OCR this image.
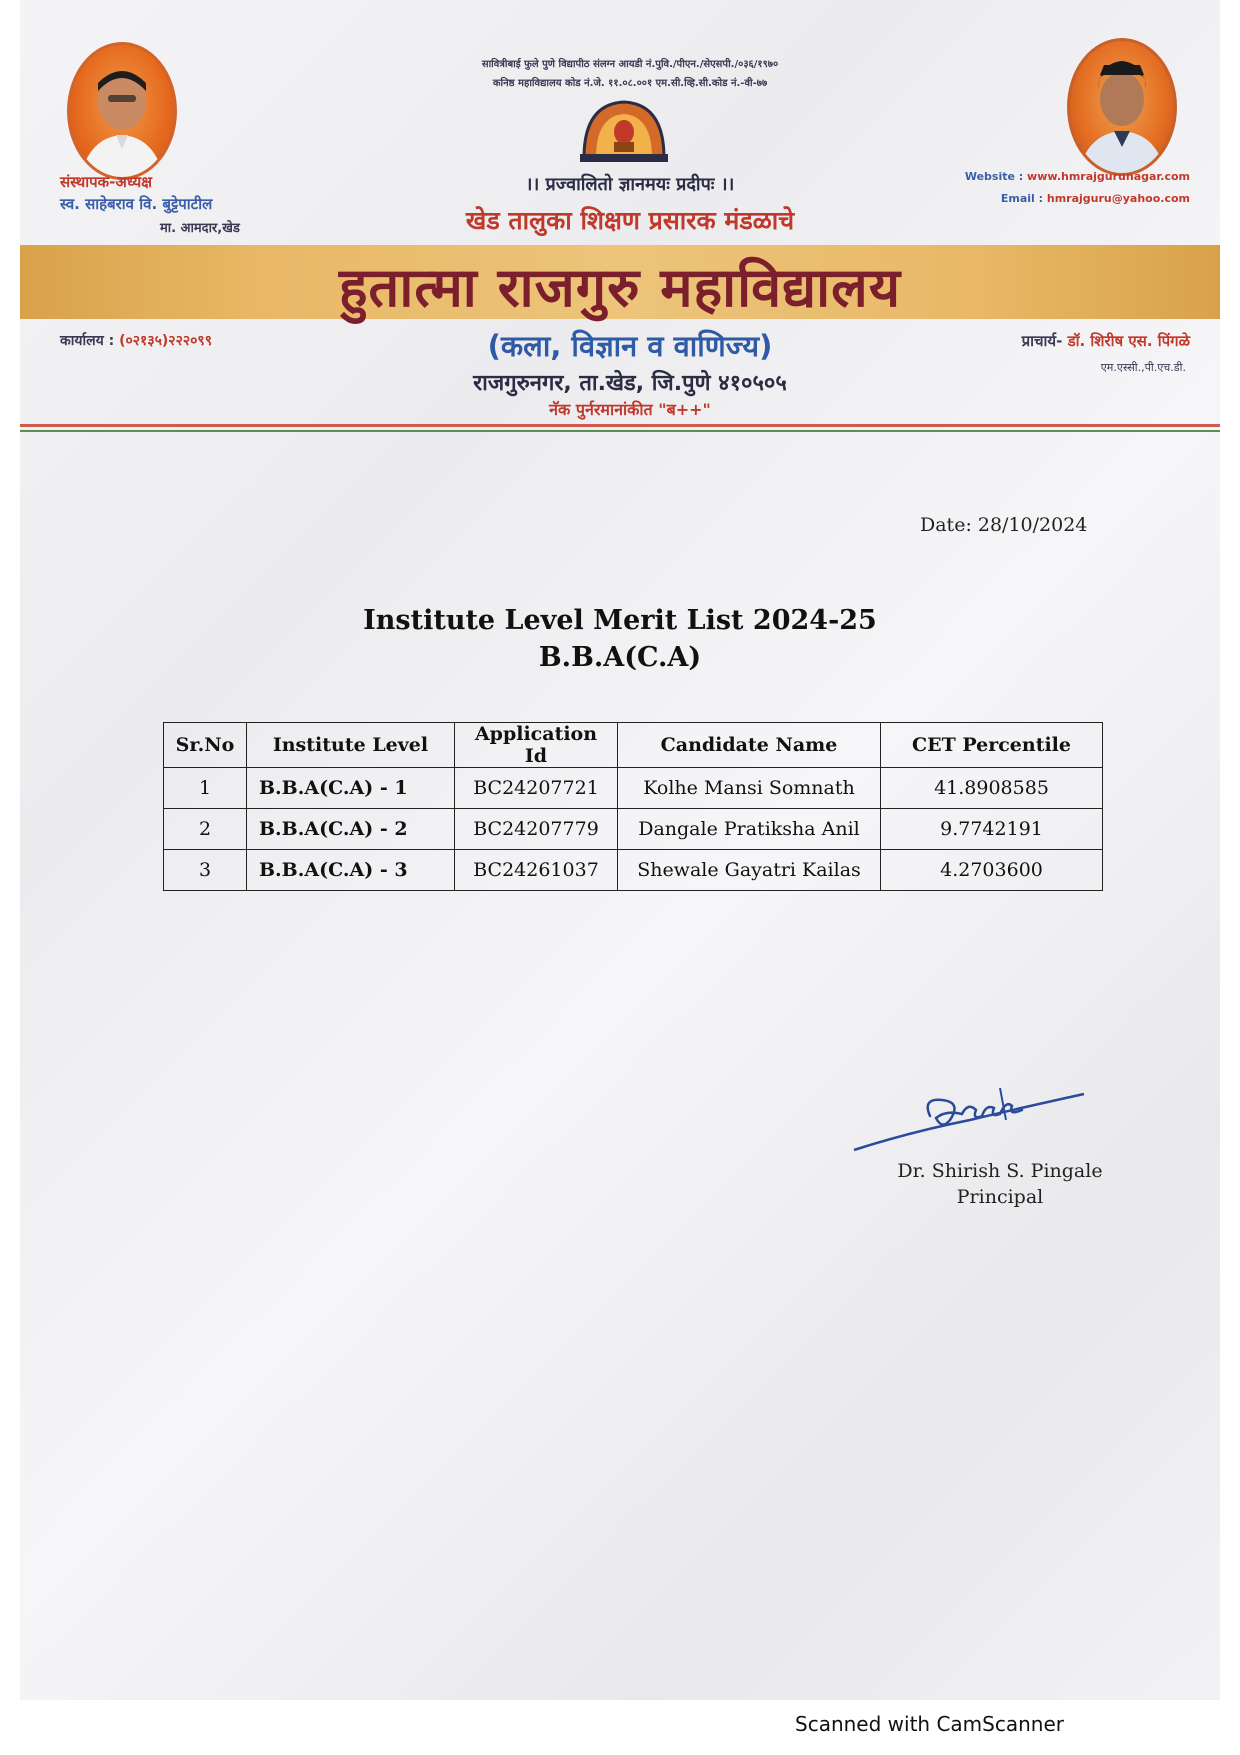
सावित्रीबाई फुले पुणे विद्यापीठ संलग्न आयडी नं.पुवि./पीएन./सेएसपी./०३६/१९७०
कनिष्ठ महाविद्यालय कोड नं.जे. ११.०८.००१ एम.सी.व्हि.सी.कोड नं.-वी-७७
।। प्रज्वालितो ज्ञानमयः प्रदीपः ।।
खेड तालुका शिक्षण प्रसारक मंडळाचे
संस्थापक-अध्यक्ष
स्व. साहेबराव वि. बुट्टेपाटील
मा. आमदार,खेड
Website : www.hmrajgurunagar.com
Email : hmrajguru@yahoo.com
हुतात्मा राजगुरु महाविद्यालय
कार्यालय : (०२१३५)२२२०९९	(कला, विज्ञान व वाणिज्य)
राजगुरुनगर, ता.खेड, जि.पुणे ४१०५०५
नॅक पुर्नरमानांकीत "ब++"
प्राचार्य- डॉ. शिरीष एस. पिंगळे
एम.एस्सी.,पी.एच.डी.
Date: 28/10/2024
Institute Level Merit List 2024-25
B.B.A(C.A)
Sr.No	Institute Level	Application Id	Candidate Name	CET Percentile
1	B.B.A(C.A) - 1	BC24207721	Kolhe Mansi Somnath	41.8908585
2	B.B.A(C.A) - 2	BC24207779	Dangale Pratiksha Anil	9.7742191
3	B.B.A(C.A) - 3	BC24261037	Shewale Gayatri Kailas	4.2703600
Dr. Shirish S. Pingale
Principal
Scanned with CamScanner
